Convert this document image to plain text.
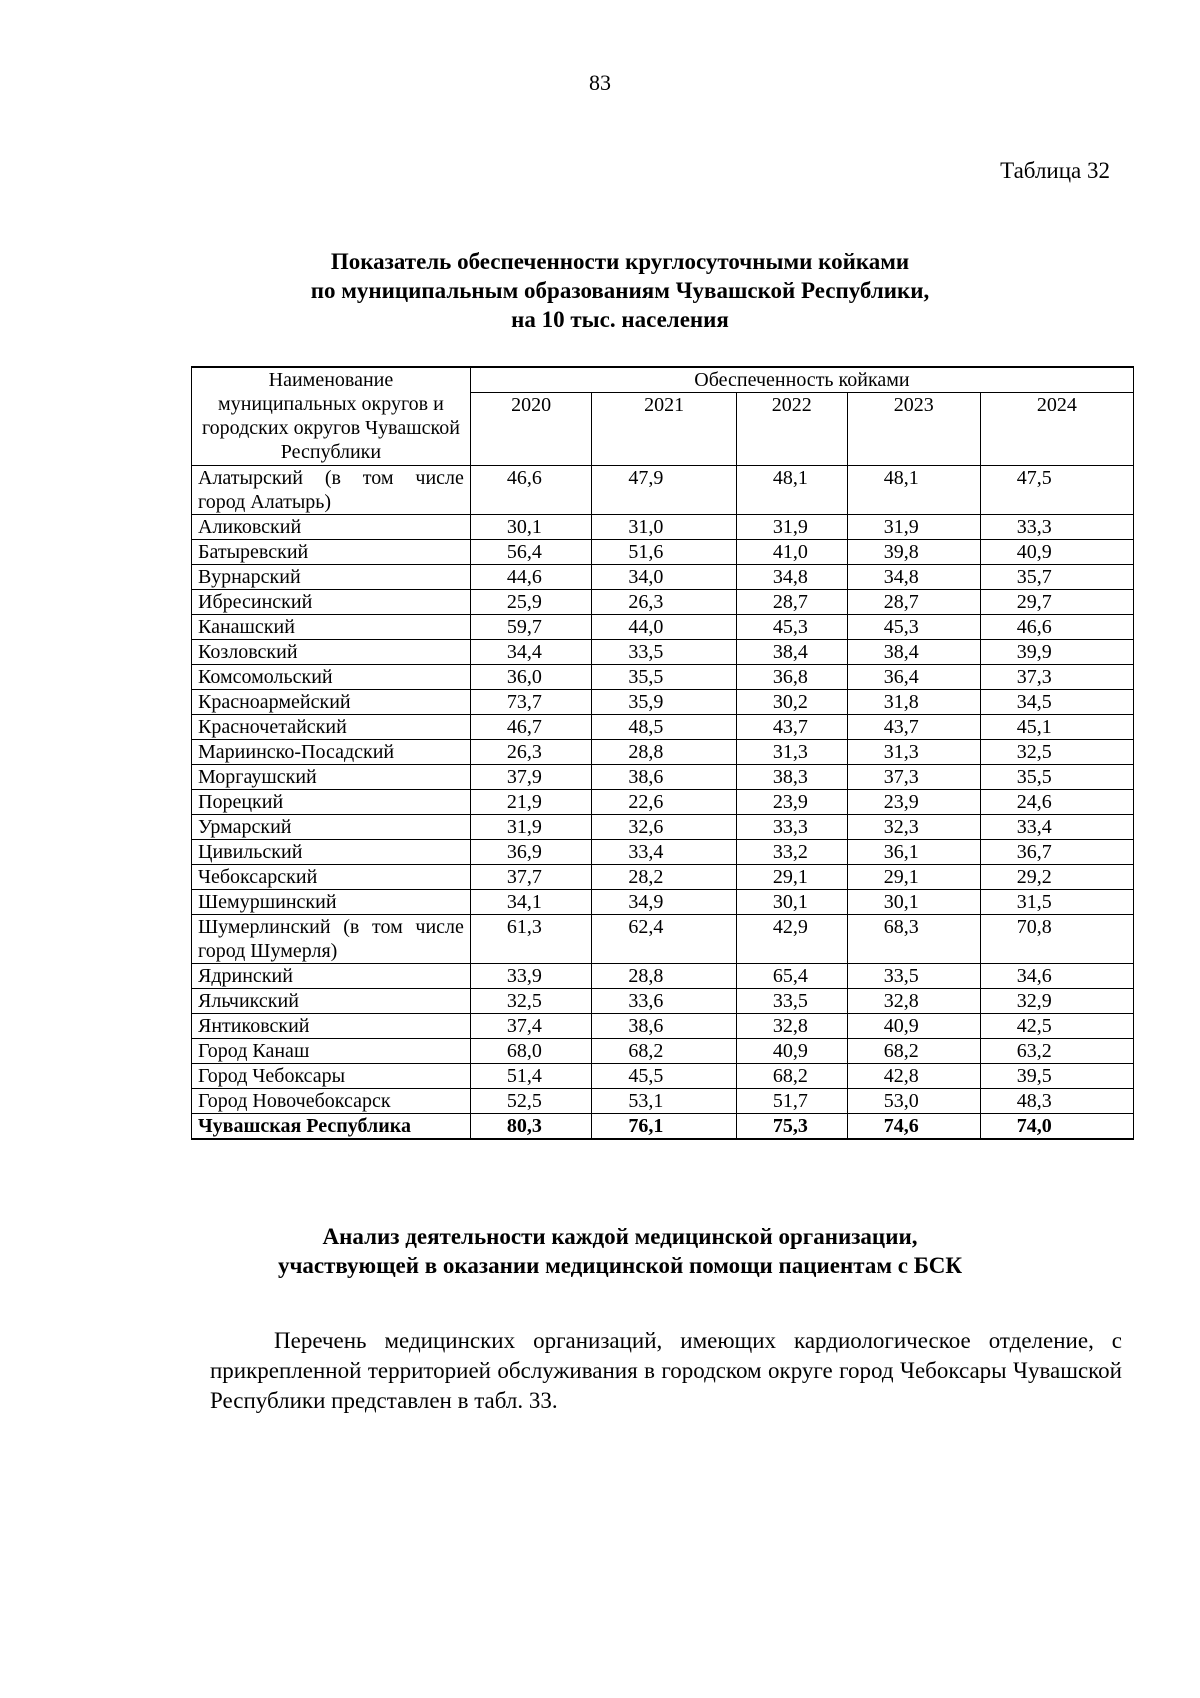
83
Таблица 32
Показатель обеспеченности круглосуточными койками
по муниципальным образованиям Чувашской Республики,
на 10 тыс. населения
Наименование муниципальных округов и городских округов Чувашской Республики	Обеспеченность койками				
	2020	2021	2022	2023	2024
Алатырский (в том числе город Алатырь)	46,6	47,9	48,1	48,1	47,5
Аликовский	30,1	31,0	31,9	31,9	33,3
Батыревский	56,4	51,6	41,0	39,8	40,9
Вурнарский	44,6	34,0	34,8	34,8	35,7
Ибресинский	25,9	26,3	28,7	28,7	29,7
Канашский	59,7	44,0	45,3	45,3	46,6
Козловский	34,4	33,5	38,4	38,4	39,9
Комсомольский	36,0	35,5	36,8	36,4	37,3
Красноармейский	73,7	35,9	30,2	31,8	34,5
Красночетайский	46,7	48,5	43,7	43,7	45,1
Мариинско-Посадский	26,3	28,8	31,3	31,3	32,5
Моргаушский	37,9	38,6	38,3	37,3	35,5
Порецкий	21,9	22,6	23,9	23,9	24,6
Урмарский	31,9	32,6	33,3	32,3	33,4
Цивильский	36,9	33,4	33,2	36,1	36,7
Чебоксарский	37,7	28,2	29,1	29,1	29,2
Шемуршинский	34,1	34,9	30,1	30,1	31,5
Шумерлинский (в том числе город Шумерля)	61,3	62,4	42,9	68,3	70,8
Ядринский	33,9	28,8	65,4	33,5	34,6
Яльчикский	32,5	33,6	33,5	32,8	32,9
Янтиковский	37,4	38,6	32,8	40,9	42,5
Город Канаш	68,0	68,2	40,9	68,2	63,2
Город Чебоксары	51,4	45,5	68,2	42,8	39,5
Город Новочебоксарск	52,5	53,1	51,7	53,0	48,3
Чувашская Республика	80,3	76,1	75,3	74,6	74,0
Анализ деятельности каждой медицинской организации,
участвующей в оказании медицинской помощи пациентам с БСК

Перечень медицинских организаций, имеющих кардиологическое отделение, с прикрепленной территорией обслуживания в городском округе город Чебоксары Чувашской Республики представлен в табл. 33.
